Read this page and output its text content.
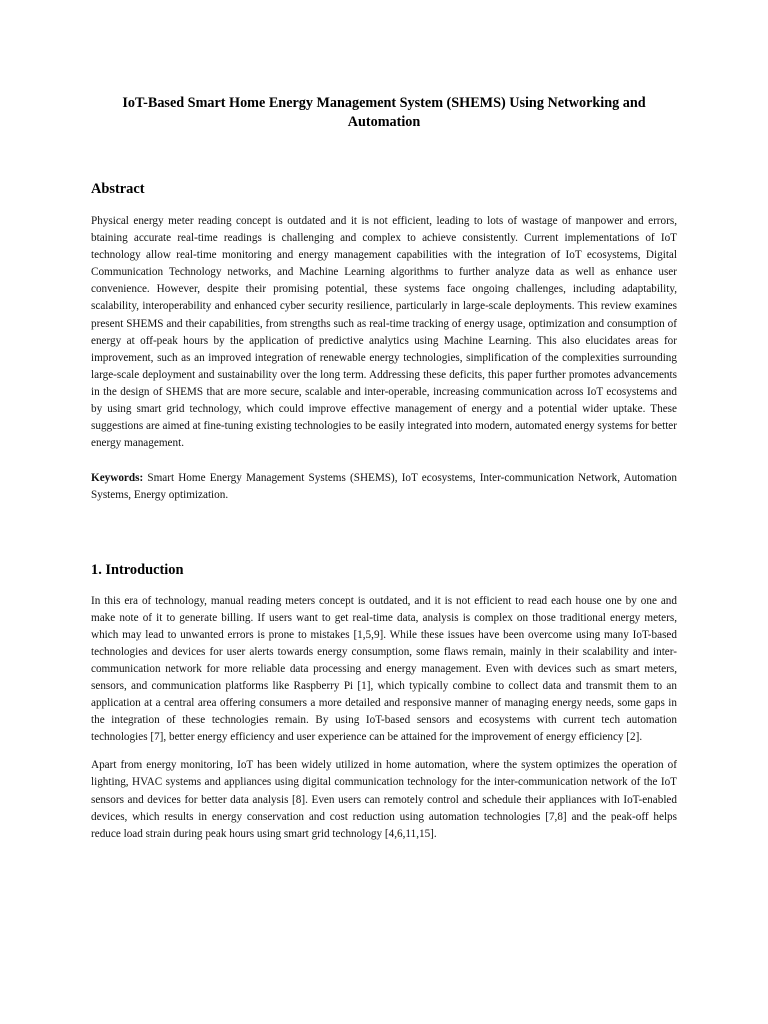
IoT-Based Smart Home Energy Management System (SHEMS) Using Networking and Automation
Abstract

Physical energy meter reading concept is outdated and it is not efficient, leading to lots of wastage of manpower and errors, btaining accurate real-time readings is challenging and complex to achieve consistently. Current implementations of IoT technology allow real-time monitoring and energy management capabilities with the integration of IoT ecosystems, Digital Communication Technology networks, and Machine Learning algorithms to further analyze data as well as enhance user convenience. However, despite their promising potential, these systems face ongoing challenges, including adaptability, scalability, interoperability and enhanced cyber security resilience, particularly in large-scale deployments. This review examines present SHEMS and their capabilities, from strengths such as real-time tracking of energy usage, optimization and consumption of energy at off-peak hours by the application of predictive analytics using Machine Learning. This also elucidates areas for improvement, such as an improved integration of renewable energy technologies, simplification of the complexities surrounding large-scale deployment and sustainability over the long term. Addressing these deficits, this paper further promotes advancements in the design of SHEMS that are more secure, scalable and inter-operable, increasing communication across IoT ecosystems and by using smart grid technology, which could improve effective management of energy and a potential wider uptake. These suggestions are aimed at fine-tuning existing technologies to be easily integrated into modern, automated energy systems for better energy management.

Keywords: Smart Home Energy Management Systems (SHEMS), IoT ecosystems, Inter-communication Network, Automation Systems, Energy optimization.

1. Introduction

In this era of technology, manual reading meters concept is outdated, and it is not efficient to read each house one by one and make note of it to generate billing. If users want to get real-time data, analysis is complex on those traditional energy meters, which may lead to unwanted errors is prone to mistakes [1,5,9]. While these issues have been overcome using many IoT-based technologies and devices for user alerts towards energy consumption, some flaws remain, mainly in their scalability and inter-communication network for more reliable data processing and energy management. Even with devices such as smart meters, sensors, and communication platforms like Raspberry Pi [1], which typically combine to collect data and transmit them to an application at a central area offering consumers a more detailed and responsive manner of managing energy needs, some gaps in the integration of these technologies remain. By using IoT-based sensors and ecosystems with current tech automation technologies [7], better energy efficiency and user experience can be attained for the improvement of energy efficiency [2].

Apart from energy monitoring, IoT has been widely utilized in home automation, where the system optimizes the operation of lighting, HVAC systems and appliances using digital communication technology for the inter-communication network of the IoT sensors and devices for better data analysis [8]. Even users can remotely control and schedule their appliances with IoT-enabled devices, which results in energy conservation and cost reduction using automation technologies [7,8] and the peak-off helps reduce load strain during peak hours using smart grid technology [4,6,11,15].
